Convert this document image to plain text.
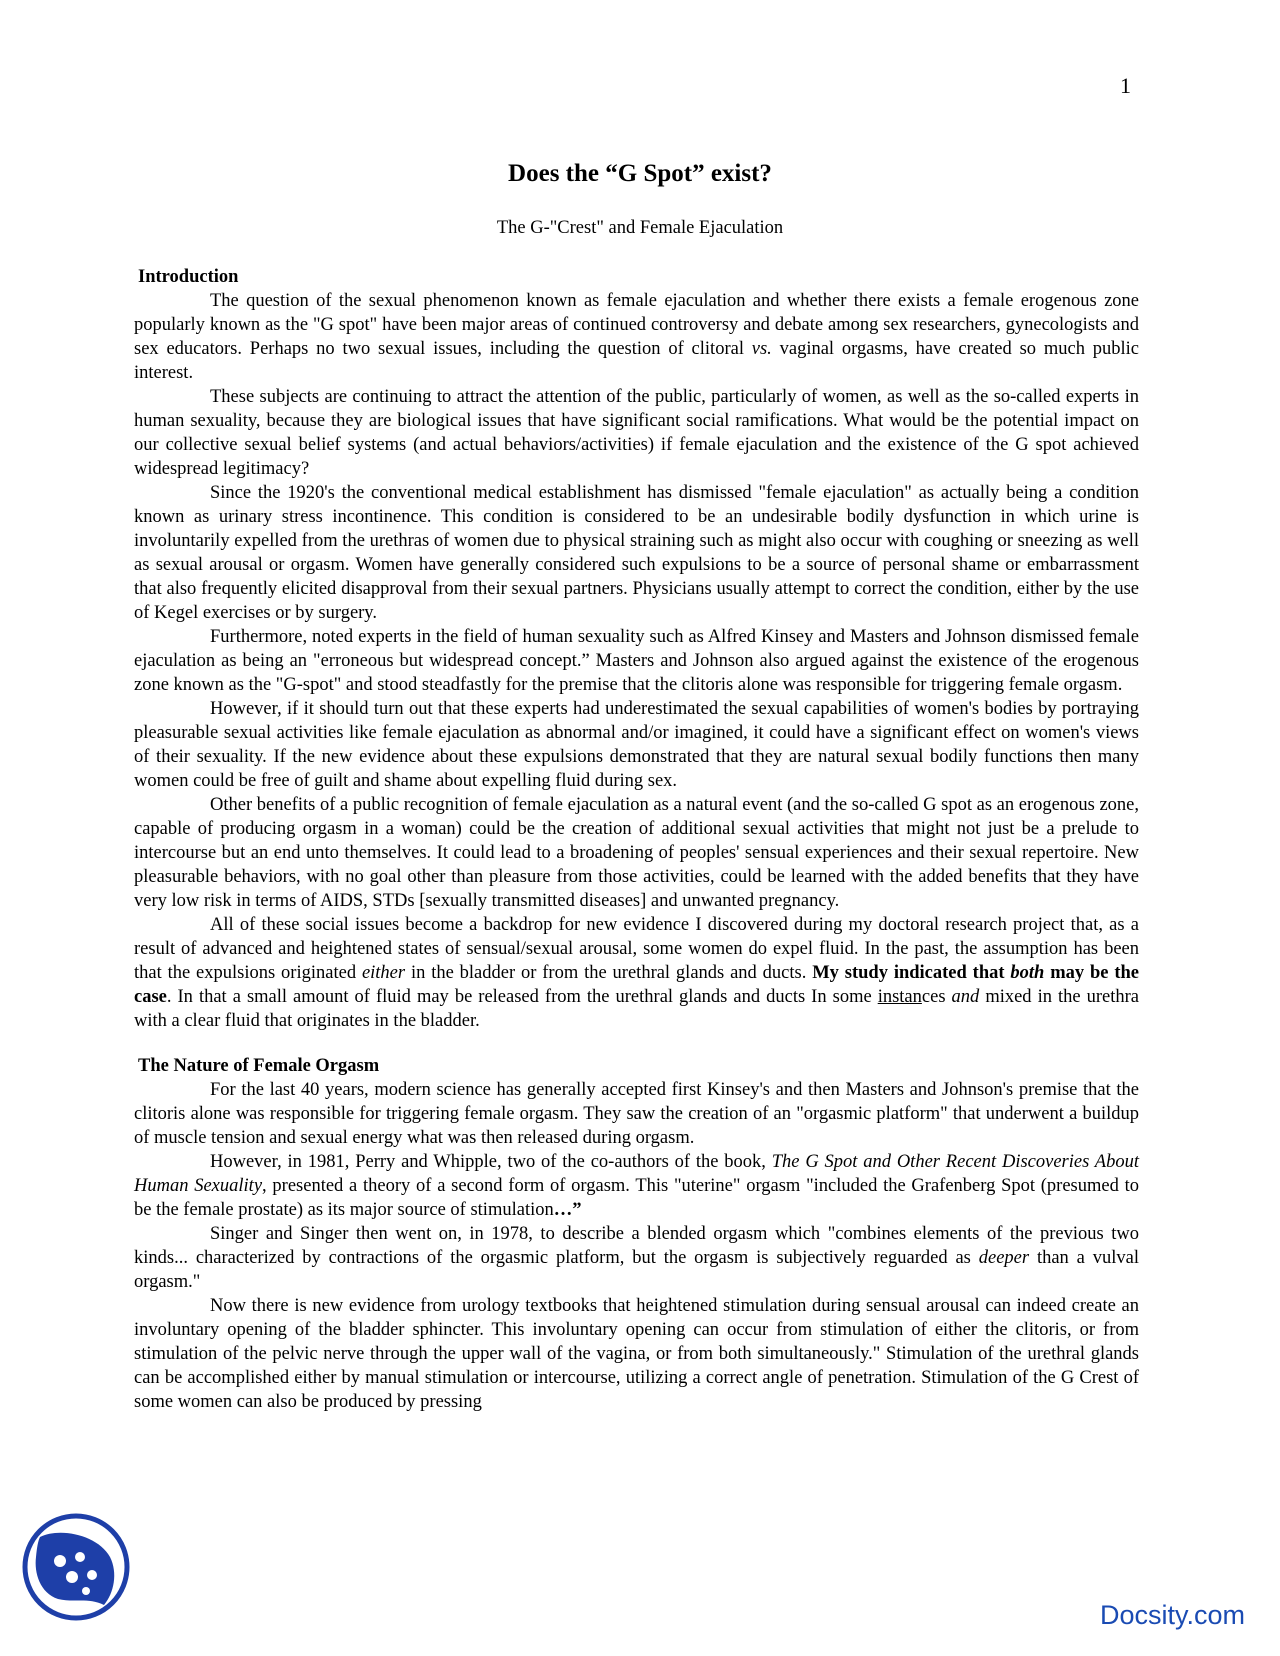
1
Does the “G Spot” exist?
The G-"Crest" and Female Ejaculation
Introduction

The question of the sexual phenomenon known as female ejaculation and whether there exists a female erogenous zone popularly known as the "G spot" have been major areas of continued controversy and debate among sex researchers, gynecologists and sex educators. Perhaps no two sexual issues, including the question of clitoral vs. vaginal orgasms, have created so much public interest.

These subjects are continuing to attract the attention of the public, particularly of women, as well as the so-called experts in human sexuality, because they are biological issues that have significant social ramifications. What would be the potential impact on our collective sexual belief systems (and actual behaviors/activities) if female ejaculation and the existence of the G spot achieved widespread legitimacy?

Since the 1920's the conventional medical establishment has dismissed "female ejaculation" as actually being a condition known as urinary stress incontinence. This condition is considered to be an undesirable bodily dysfunction in which urine is involuntarily expelled from the urethras of women due to physical straining such as might also occur with coughing or sneezing as well as sexual arousal or orgasm. Women have generally considered such expulsions to be a source of personal shame or embarrassment that also frequently elicited disapproval from their sexual partners. Physicians usually attempt to correct the condition, either by the use of Kegel exercises or by surgery.

Furthermore, noted experts in the field of human sexuality such as Alfred Kinsey and Masters and Johnson dismissed female ejaculation as being an "erroneous but widespread concept.” Masters and Johnson also argued against the existence of the erogenous zone known as the "G-spot" and stood steadfastly for the premise that the clitoris alone was responsible for triggering female orgasm.

However, if it should turn out that these experts had underestimated the sexual capabilities of women's bodies by portraying pleasurable sexual activities like female ejaculation as abnormal and/or imagined, it could have a significant effect on women's views of their sexuality. If the new evidence about these expulsions demonstrated that they are natural sexual bodily functions then many women could be free of guilt and shame about expelling fluid during sex.

Other benefits of a public recognition of female ejaculation as a natural event (and the so-called G spot as an erogenous zone, capable of producing orgasm in a woman) could be the creation of additional sexual activities that might not just be a prelude to intercourse but an end unto themselves. It could lead to a broadening of peoples' sensual experiences and their sexual repertoire. New pleasurable behaviors, with no goal other than pleasure from those activities, could be learned with the added benefits that they have very low risk in terms of AIDS, STDs [sexually transmitted diseases] and unwanted pregnancy.

All of these social issues become a backdrop for new evidence I discovered during my doctoral research project that, as a result of advanced and heightened states of sensual/sexual arousal, some women do expel fluid. In the past, the assumption has been that the expulsions originated either in the bladder or from the urethral glands and ducts. My study indicated that both may be the case. In that a small amount of fluid may be released from the urethral glands and ducts In some instances and mixed in the urethra with a clear fluid that originates in the bladder.

The Nature of Female Orgasm

For the last 40 years, modern science has generally accepted first Kinsey's and then Masters and Johnson's premise that the clitoris alone was responsible for triggering female orgasm. They saw the creation of an "orgasmic platform" that underwent a buildup of muscle tension and sexual energy what was then released during orgasm.

However, in 1981, Perry and Whipple, two of the co-authors of the book, The G Spot and Other Recent Discoveries About Human Sexuality, presented a theory of a second form of orgasm. This "uterine" orgasm "included the Grafenberg Spot (presumed to be the female prostate) as its major source of stimulation…”

Singer and Singer then went on, in 1978, to describe a blended orgasm which "combines elements of the previous two kinds... characterized by contractions of the orgasmic platform, but the orgasm is subjectively reguarded as deeper than a vulval orgasm."

Now there is new evidence from urology textbooks that heightened stimulation during sensual arousal can indeed create an involuntary opening of the bladder sphincter. This involuntary opening can occur from stimulation of either the clitoris, or from stimulation of the pelvic nerve through the upper wall of the vagina, or from both simultaneously." Stimulation of the urethral glands can be accomplished either by manual stimulation or intercourse, utilizing a correct angle of penetration. Stimulation of the G Crest of some women can also be produced by pressing

Docsity.com
